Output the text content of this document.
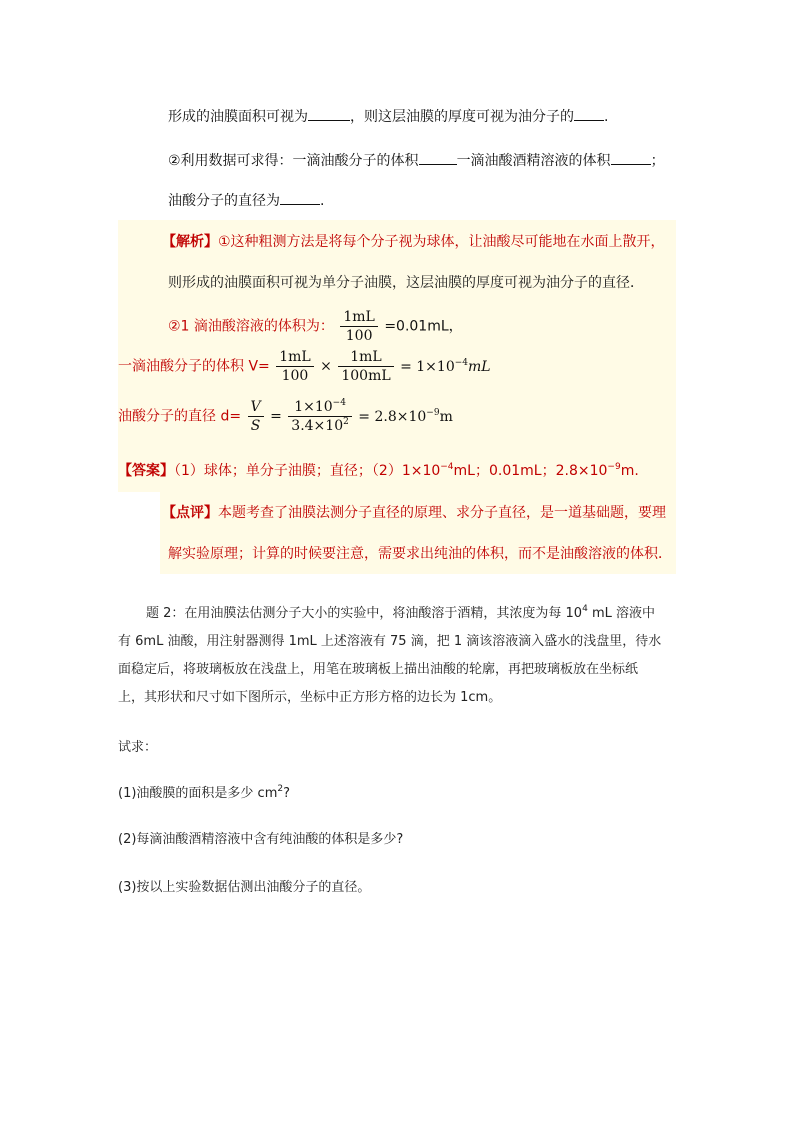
形成的油膜面积可视为	，则这层油膜的厚度可视为油分子的 .
②利用数据可求得：一滴油酸分子的体积	一滴油酸酒精溶液的体积	；
油酸分子的直径为	.
【解析】①这种粗测方法是将每个分子视为球体，让油酸尽可能地在水面上散开，
则形成的油膜面积可视为单分子油膜，这层油膜的厚度可视为油分子的直径．
②1 滴油酸溶液的体积为： $\frac{1mL}{100} =0.01mL$，
一滴油酸分子的体积 $V= \frac{1mL}{100} \times \frac{1mL}{100mL} = 1\times 10^{-4}mL$
油酸分子的直径 $d= \frac{V}{S} = \frac{1\times 10^{-4}}{3.4\times 10^2} = 2.8\times 10^{-9}m$
【答案】（1）球体；单分子油膜；直径；$(2)1\times 10^{-4}mL$；0.01mL；$2.8\times 10^{-9}m$.
【点评】本题考查了油膜法测分子直径的原理、求分子直径，是一道基础题，要理
解实验原理；计算的时候要注意，需要求出纯油的体积，而不是油酸溶液的体积．
题 2：在用油膜法估测分子大小的实验中，将油酸溶于酒精，其浓度为每 $10^4$ mL 溶液中
有 6mL 油酸，用注射器测得 1mL 上述溶液有 75 滴，把 1 滴该溶液滴入盛水的浅盘里，待水
面稳定后，将玻璃板放在浅盘上，用笔在玻璃板上描出油酸的轮廓，再把玻璃板放在坐标纸
上，其形状和尺寸如下图所示，坐标中正方形方格的边长为 1cm。
试求：
(1)油酸膜的面积是多少 $cm^2$?
(2)每滴油酸酒精溶液中含有纯油酸的体积是多少?
(3)按以上实验数据估测出油酸分子的直径。
